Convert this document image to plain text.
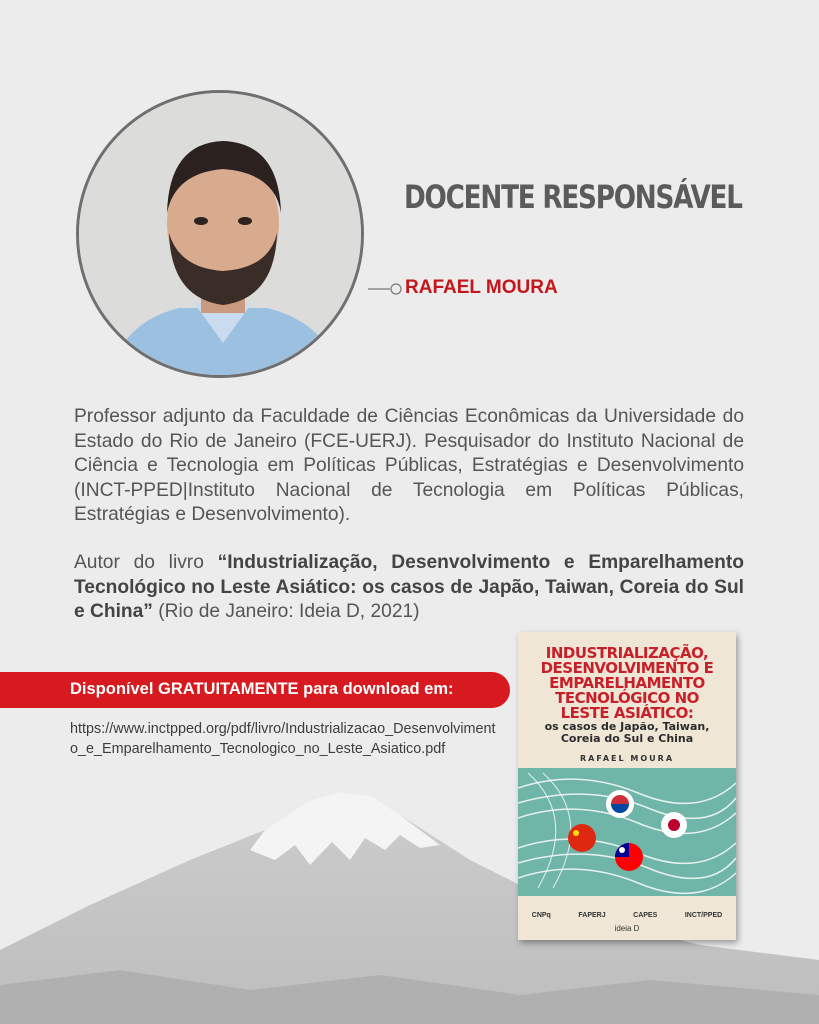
DOCENTE RESPONSÁVEL
RAFAEL MOURA

Professor adjunto da Faculdade de Ciências Econômicas da Universidade do Estado do Rio de Janeiro (FCE-UERJ). Pesquisador do Instituto Nacional de Ciência e Tecnologia em Políticas Públicas, Estratégias e Desenvolvimento (INCT-PPED|Instituto Nacional de Tecnologia em Políticas Públicas, Estratégias e Desenvolvimento).

Autor do livro “Industrialização, Desenvolvimento e Emparelhamento Tecnológico no Leste Asiático: os casos de Japão, Taiwan, Coreia do Sul e China” (Rio de Janeiro: Ideia D, 2021)

Disponível GRATUITAMENTE para download em:

https://www.inctpped.org/pdf/livro/Industrializacao_Desenvolvimento_e_Emparelhamento_Tecnologico_no_Leste_Asiatico.pdf

INDUSTRIALIZAÇÃO,
DESENVOLVIMENTO E
EMPARELHAMENTO
TECNOLÓGICO NO
LESTE ASIÁTICO:
os casos de Japão, Taiwan,
Coreia do Sul e China
RAFAEL MOURA
CNPq	FAPERJ	CAPES	INCT/PPED
ideia D
